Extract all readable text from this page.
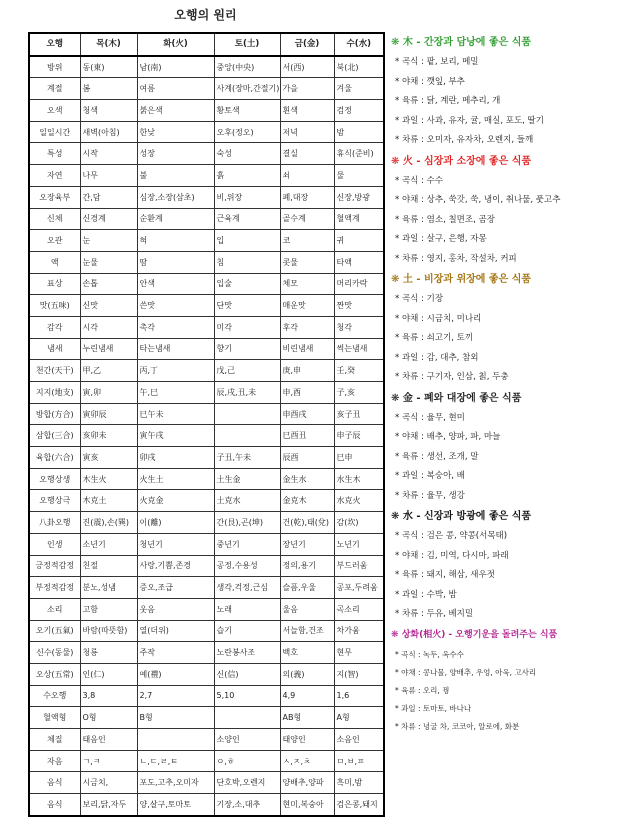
오행의 원리
오행	목(木)	화(火)	토(土)	금(金)	수(水)
방위	동(東)	남(南)	중앙(中央)	서(西)	북(北)
계절	봄	여름	사계(장마,간절기)	가을	겨울
오색	청색	붉은색	황토색	흰색	검정
일일시간	새벽(아침)	한낮	오후(정오)	저녁	밤
특성	시작	성장	숙성	결실	휴식(준비)
자연	나무	불	흙	쇠	물
오장육부	간,담	심장,소장(삼초)	비,위장	폐,대장	신장,방광
신체	신경계	순환계	근육계	골수계	혈액계
오관	눈	혀	입	코	귀
액	눈물	땀	침	콧물	타액
표상	손톱	안색	입술	체모	머리카락
맛(五味)	신맛	쓴맛	단맛	매운맛	짠맛
감각	시각	촉각	미각	후각	청각
냄새	누린냄새	타는냄새	향기	비린냄새	썩는냄새
천간(天干)	甲,乙	丙,丁	戊,己	庚,申	壬,癸
지지(地支)	寅,卯	午,巳	辰,戌,丑,未	申,酉	子,亥
방합(方合)	寅卯辰	巳午未		申酉戌	亥子丑
삼합(三合)	亥卯未	寅午戌		巳酉丑	申子辰
육합(六合)	寅亥	卯戌	子丑,午未	辰酉	巳申
오행상생	木生火	火生土	土生金	金生水	水生木
오행상극	木克土	火克金	土克水	金克木	水克火
八卦오행	진(震),손(巽)	이(離)	간(艮),곤(坤)	건(乾),태(兌)	감(坎)
인생	소년기	청년기	중년기	장년기	노년기
긍정적감정	친절	사랑,기쁨,존경	공정,수용성	정의,용기	부드러움
부정적감정	분노,성냄	증오,조급	생각,걱정,근심	슬픔,우울	공포,두려움
소리	고함	웃음	노래	울음	곡소리
오기(五氣)	바람(따뜻함)	열(더위)	습기	서늘함,건조	차가움
신수(동물)	청룡	주작	노란봉사조	백호	현무
오상(五常)	인(仁)	예(禮)	신(信)	의(義)	지(智)
수오행	3,8	2,7	5,10	4,9	1,6
혈액형	O형	B형		AB형	A형
체질	태음인		소양인	태양인	소음인
자음	ㄱ,ㅋ	ㄴ,ㄷ,ㄹ,ㅌ	ㅇ,ㅎ	ㅅ,ㅈ,ㅊ	ㅁ,ㅂ,ㅍ
음식	시금치,	포도,고추,오미자	단호박,오렌지	양배추,양파	흑미,밤
음식	보리,닭,자두	양,살구,토마토	기장,소,대추	현미,복숭아	검은콩,돼지
❋ 木 - 간장과 담낭에 좋은 식품
* 곡식 : 팥, 보리, 메밀
* 야채 : 깻잎, 부추
* 육류 : 닭, 계란, 메추리, 개
* 과일 : 사과, 유자, 귤, 매실, 포도, 딸기
* 차류 : 오미자, 유자차, 오렌지, 들깨
❋ 火 - 심장과 소장에 좋은 식품
* 곡식 : 수수
* 야채 : 상추, 쑥갓, 쑥, 냉이, 취나물, 풋고추
* 육류 : 염소, 칠면조, 곰장
* 과일 : 살구, 은행, 자몽
* 차류 : 영지, 홍차, 작설차, 커피
❋ 土 - 비장과 위장에 좋은 식품
* 곡식 : 기장
* 야채 : 시금치, 미나리
* 육류 : 쇠고기, 토끼
* 과일 : 감, 대추, 참외
* 차류 : 구기자, 인삼, 칡, 두충
❋ 金 - 폐와 대장에 좋은 식품
* 곡식 : 율무, 현미
* 야채 : 배추, 양파, 파, 마늘
* 육류 : 생선, 조개, 말
* 과일 : 복숭아, 배
* 차류 : 율무, 생강
❋ 水 - 신장과 방광에 좋은 식품
* 곡식 : 검은 콩, 약콩(서목태)
* 야채 : 김, 미역, 다시마, 파래
* 육류 : 돼지, 해삼, 새우젓
* 과일 : 수박, 밤
* 차류 : 두유, 베지밀
❋ 상화(相火) - 오행기운을 돌려주는 식품
* 곡식 : 녹두, 옥수수
* 야채 : 콩나물, 양배추, 우엉, 아욱, 고사리
* 육류 : 오리, 꿩
* 과일 : 토마토, 바나나
* 차류 : 녕굴 차, 코코아, 알로에, 화분
